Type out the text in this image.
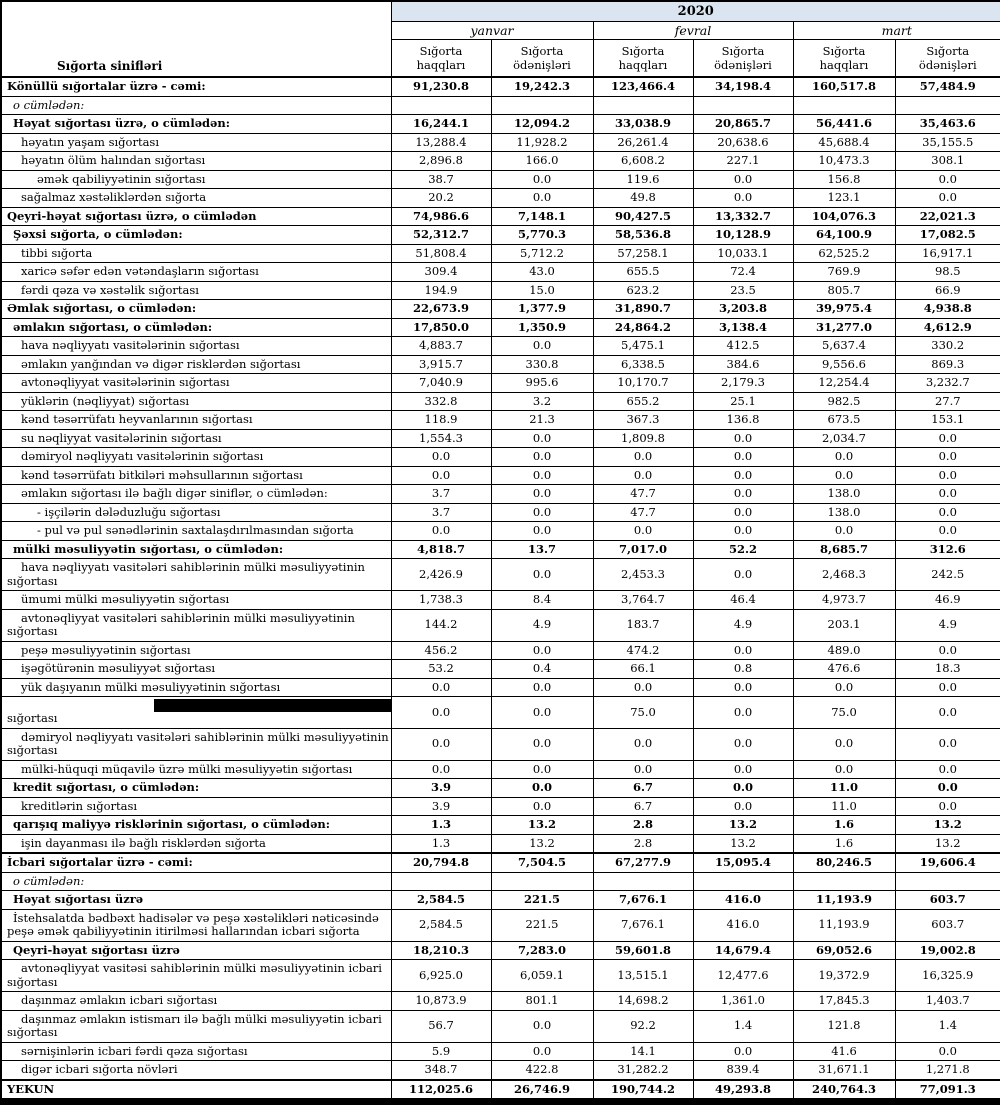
Sığorta sinifləri	2020					
	yanvar		fevral		mart	
	Sığorta haqqları	Sığorta ödənişləri	Sığorta haqqları	Sığorta ödənişləri	Sığorta haqqları	Sığorta ödənişləri

Könüllü sığortalar üzrə - cəmi:	91,230.8	19,242.3	123,466.4	34,198.4	160,517.8	57,484.9

o cümlədən:						

Həyat sığortası üzrə, o cümlədən:	16,244.1	12,094.2	33,038.9	20,865.7	56,441.6	35,463.6

həyatın yaşam sığortası	13,288.4	11,928.2	26,261.4	20,638.6	45,688.4	35,155.5

həyatın ölüm halından sığortası	2,896.8	166.0	6,608.2	227.1	10,473.3	308.1

əmək qabiliyyətinin sığortası	38.7	0.0	119.6	0.0	156.8	0.0

sağalmaz xəstəliklərdən sığorta	20.2	0.0	49.8	0.0	123.1	0.0

Qeyri-həyat sığortası üzrə, o cümlədən	74,986.6	7,148.1	90,427.5	13,332.7	104,076.3	22,021.3

Şəxsi sığorta, o cümlədən:	52,312.7	5,770.3	58,536.8	10,128.9	64,100.9	17,082.5

tibbi sığorta	51,808.4	5,712.2	57,258.1	10,033.1	62,525.2	16,917.1

xaricə səfər edən vətəndaşların sığortası	309.4	43.0	655.5	72.4	769.9	98.5

fərdi qəza və xəstəlik sığortası	194.9	15.0	623.2	23.5	805.7	66.9

Əmlak sığortası, o cümlədən:	22,673.9	1,377.9	31,890.7	3,203.8	39,975.4	4,938.8

əmlakın sığortası, o cümlədən:	17,850.0	1,350.9	24,864.2	3,138.4	31,277.0	4,612.9

hava nəqliyyatı vasitələrinin sığortası	4,883.7	0.0	5,475.1	412.5	5,637.4	330.2

əmlakın yanğından və digər risklərdən sığortası	3,915.7	330.8	6,338.5	384.6	9,556.6	869.3

avtonəqliyyat vasitələrinin sığortası	7,040.9	995.6	10,170.7	2,179.3	12,254.4	3,232.7

yüklərin (nəqliyyat) sığortası	332.8	3.2	655.2	25.1	982.5	27.7

kənd təsərrüfatı heyvanlarının sığortası	118.9	21.3	367.3	136.8	673.5	153.1

su nəqliyyat vasitələrinin sığortası	1,554.3	0.0	1,809.8	0.0	2,034.7	0.0

dəmiryol nəqliyyatı vasitələrinin sığortası	0.0	0.0	0.0	0.0	0.0	0.0

kənd təsərrüfatı bitkiləri məhsullarının sığortası	0.0	0.0	0.0	0.0	0.0	0.0

əmlakın sığortası ilə bağlı digər siniflər, o cümlədən:	3.7	0.0	47.7	0.0	138.0	0.0

- işçilərin dələduzluğu sığortası	3.7	0.0	47.7	0.0	138.0	0.0

- pul və pul sənədlərinin saxtalaşdırılmasından sığorta	0.0	0.0	0.0	0.0	0.0	0.0

mülki məsuliyyətin sığortası, o cümlədən:	4,818.7	13.7	7,017.0	52.2	8,685.7	312.6

hava nəqliyyatı vasitələri sahiblərinin mülki məsuliyyətinin
sığortası	2,426.9	0.0	2,453.3	0.0	2,468.3	242.5

ümumi mülki məsuliyyətin sığortası	1,738.3	8.4	3,764.7	46.4	4,973.7	46.9

avtonəqliyyat vasitələri sahiblərinin mülki məsuliyyətinin
sığortası	144.2	4.9	183.7	4.9	203.1	4.9

peşə məsuliyyətinin sığortası	456.2	0.0	474.2	0.0	489.0	0.0

işəgötürənin məsuliyyət sığortası	53.2	0.4	66.1	0.8	476.6	18.3

yük daşıyanın mülki məsuliyyətinin sığortası	0.0	0.0	0.0	0.0	0.0	0.0

sığortası	0.0	0.0	75.0	0.0	75.0	0.0

dəmiryol nəqliyyatı vasitələri sahiblərinin mülki məsuliyyətinin
sığortası	0.0	0.0	0.0	0.0	0.0	0.0

mülki-hüquqi müqavilə üzrə mülki məsuliyyətin sığortası	0.0	0.0	0.0	0.0	0.0	0.0

kredit sığortası, o cümlədən:	3.9	0.0	6.7	0.0	11.0	0.0

kreditlərin sığortası	3.9	0.0	6.7	0.0	11.0	0.0

qarışıq maliyyə risklərinin sığortası, o cümlədən:	1.3	13.2	2.8	13.2	1.6	13.2

işin dayanması ilə bağlı risklərdən sığorta	1.3	13.2	2.8	13.2	1.6	13.2

İcbari sığortalar üzrə - cəmi:	20,794.8	7,504.5	67,277.9	15,095.4	80,246.5	19,606.4

o cümlədən:						

Həyat sığortası üzrə	2,584.5	221.5	7,676.1	416.0	11,193.9	603.7

İstehsalatda bədbəxt hadisələr və peşə xəstəlikləri nəticəsində
peşə əmək qabiliyyətinin itirilməsi hallarından icbari sığorta	2,584.5	221.5	7,676.1	416.0	11,193.9	603.7

Qeyri-həyat sığortası üzrə	18,210.3	7,283.0	59,601.8	14,679.4	69,052.6	19,002.8

avtonəqliyyat vasitəsi sahiblərinin mülki məsuliyyətinin icbari
sığortası	6,925.0	6,059.1	13,515.1	12,477.6	19,372.9	16,325.9

daşınmaz əmlakın icbari sığortası	10,873.9	801.1	14,698.2	1,361.0	17,845.3	1,403.7

daşınmaz əmlakın istismarı ilə bağlı mülki məsuliyyətin icbari
sığortası	56.7	0.0	92.2	1.4	121.8	1.4

sərnişinlərin icbari fərdi qəza sığortası	5.9	0.0	14.1	0.0	41.6	0.0

digər icbari sığorta növləri	348.7	422.8	31,282.2	839.4	31,671.1	1,271.8

YEKUN	112,025.6	26,746.9	190,744.2	49,293.8	240,764.3	77,091.3
